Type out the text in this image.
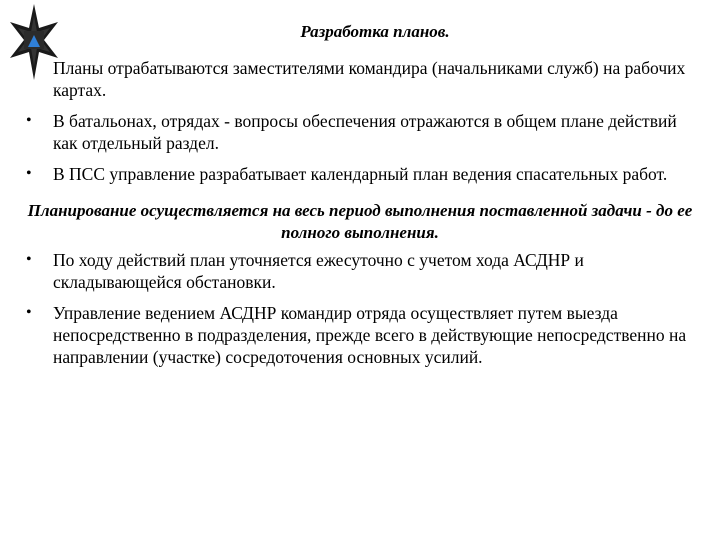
Разработка планов.
Планы отрабатываются заместителями командира (начальниками служб) на рабочих картах.
• В батальонах, отрядах - вопросы обеспечения отражаются в общем плане действий как отдельный раздел.
• В ПСС управление разрабатывает календарный план ведения спасательных работ.
Планирование осуществляется на весь период выполнения поставленной задачи - до ее полного выполнения.
• По ходу действий план уточняется ежесуточно с учетом хода АСДНР и складывающейся обстановки.
• Управление ведением АСДНР командир отряда осуществляет путем выезда непосредственно в подразделения, прежде всего в действующие непосредственно на направлении (участке) сосредоточения основных усилий.
